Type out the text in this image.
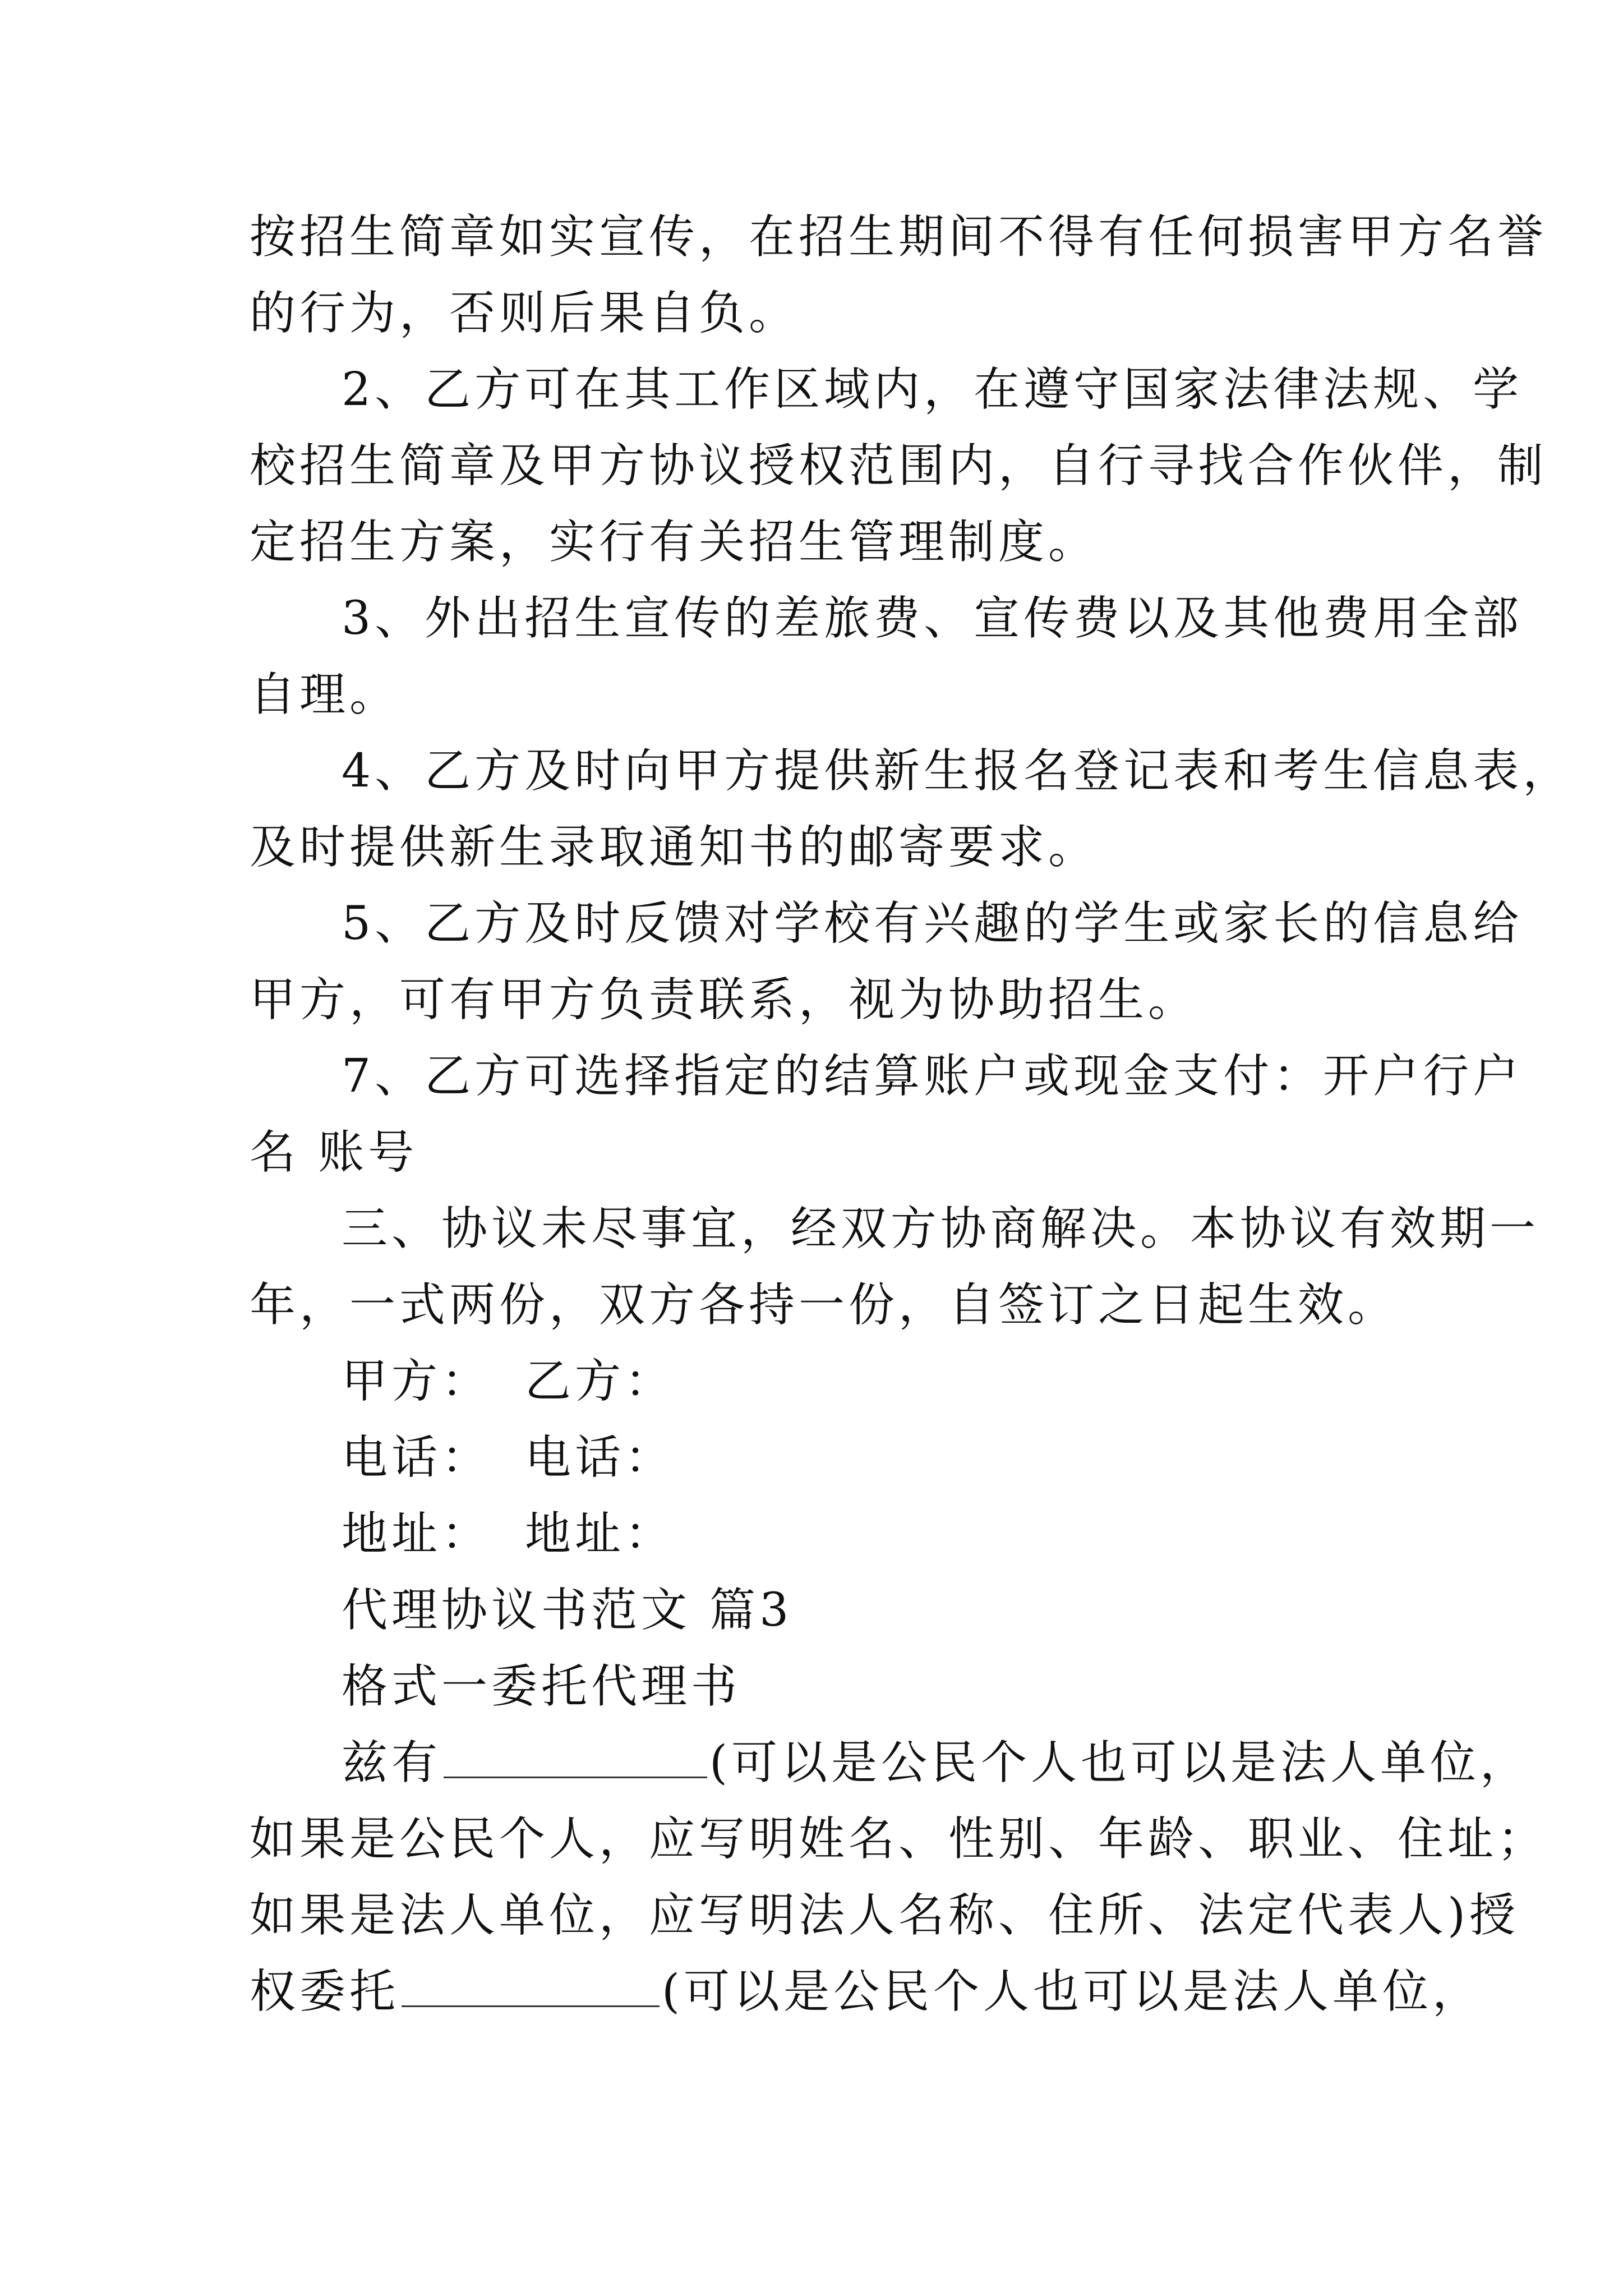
按招生简章如实宣传，在招生期间不得有任何损害甲方名誉
的行为，否则后果自负。
2、乙方可在其工作区域内，在遵守国家法律法规、学
校招生简章及甲方协议授权范围内，自行寻找合作伙伴，制
定招生方案，实行有关招生管理制度。
3、外出招生宣传的差旅费、宣传费以及其他费用全部
自理。
4、乙方及时向甲方提供新生报名登记表和考生信息表，
及时提供新生录取通知书的邮寄要求。
5、乙方及时反馈对学校有兴趣的学生或家长的信息给
甲方，可有甲方负责联系，视为协助招生。
7、乙方可选择指定的结算账户或现金支付：开户行户
名 账号
三、协议未尽事宜，经双方协商解决。本协议有效期一
年，一式两份，双方各持一份，自签订之日起生效。
甲方： 乙方：
电话： 电话：
地址： 地址：
代理协议书范文 篇3
格式一委托代理书
兹有	(可以是公民个人也可以是法人单位，
如果是公民个人，应写明姓名、性别、年龄、职业、住址；
如果是法人单位，应写明法人名称、住所、法定代表人)授
权委托	(可以是公民个人也可以是法人单位，
